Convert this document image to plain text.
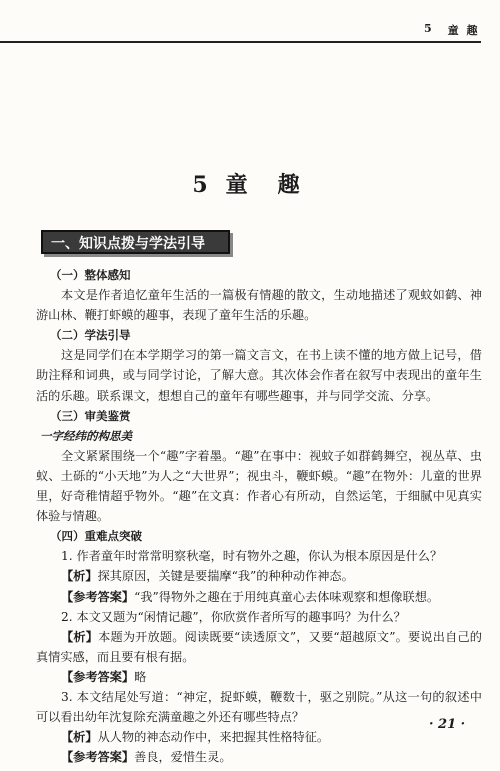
5 童 趣
5 童 趣
一、知识点拨与学法引导

（一）整体感知

本文是作者追忆童年生活的一篇极有情趣的散文，生动地描述了观蚊如鹤、神游山林、鞭打虾蟆的趣事，表现了童年生活的乐趣。

（二）学法引导

这是同学们在本学期学习的第一篇文言文，在书上读不懂的地方做上记号，借助注释和词典，或与同学讨论，了解大意。其次体会作者在叙写中表现出的童年生活的乐趣。联系课文，想想自己的童年有哪些趣事，并与同学交流、分享。

（三）审美鉴赏

一字经纬的构思美

全文紧紧围绕一个“趣”字着墨。“趣”在事中：视蚊子如群鹤舞空，视丛草、虫蚁、土砾的“小天地”为人之“大世界”；视虫斗，鞭虾蟆。“趣”在物外：儿童的世界里，好奇稚情超乎物外。“趣”在文真：作者心有所动，自然运笔，于细腻中见真实体验与情趣。

（四）重难点突破

1. 作者童年时常常明察秋毫，时有物外之趣，你认为根本原因是什么？

【析】探其原因，关键是要揣摩“我”的种种动作神态。

【参考答案】“我”得物外之趣在于用纯真童心去体味观察和想像联想。

2. 本文又题为“闲情记趣”，你欣赏作者所写的趣事吗？为什么？

【析】本题为开放题。阅读既要“读透原文”，又要“超越原文”。要说出自己的真情实感，而且要有根有据。

【参考答案】略

3. 本文结尾处写道：“神定，捉虾蟆，鞭数十，驱之别院。”从这一句的叙述中可以看出幼年沈复除充满童趣之外还有哪些特点？

【析】从人物的神态动作中，来把握其性格特征。

【参考答案】善良，爱惜生灵。

· 21 ·
